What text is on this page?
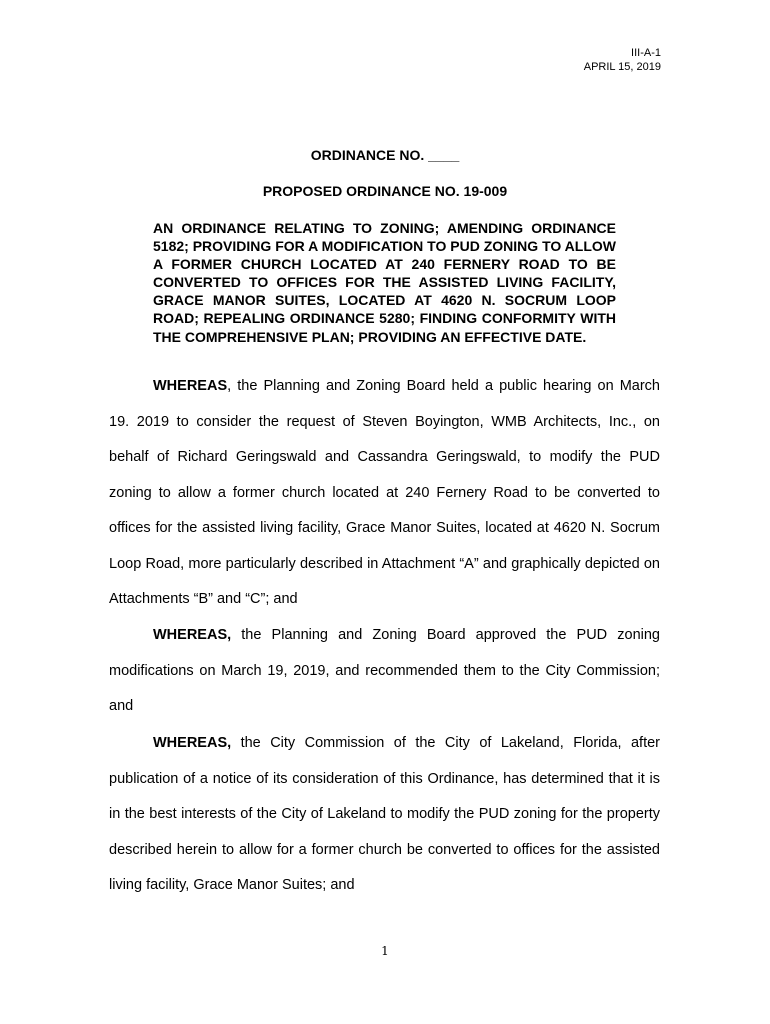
III-A-1
APRIL 15, 2019
ORDINANCE NO. ____
PROPOSED ORDINANCE NO. 19-009
AN ORDINANCE RELATING TO ZONING; AMENDING ORDINANCE 5182; PROVIDING FOR A MODIFICATION TO PUD ZONING TO ALLOW A FORMER CHURCH LOCATED AT 240 FERNERY ROAD TO BE CONVERTED TO OFFICES FOR THE ASSISTED LIVING FACILITY, GRACE MANOR SUITES, LOCATED AT 4620 N. SOCRUM LOOP ROAD; REPEALING ORDINANCE 5280; FINDING CONFORMITY WITH THE COMPREHENSIVE PLAN; PROVIDING AN EFFECTIVE DATE.

WHEREAS, the Planning and Zoning Board held a public hearing on March 19. 2019 to consider the request of Steven Boyington, WMB Architects, Inc., on behalf of Richard Geringswald and Cassandra Geringswald, to modify the PUD zoning to allow a former church located at 240 Fernery Road to be converted to offices for the assisted living facility, Grace Manor Suites, located at 4620 N. Socrum Loop Road, more particularly described in Attachment “A” and graphically depicted on Attachments “B” and “C”; and

WHEREAS, the Planning and Zoning Board approved the PUD zoning modifications on March 19, 2019, and recommended them to the City Commission; and

WHEREAS, the City Commission of the City of Lakeland, Florida, after publication of a notice of its consideration of this Ordinance, has determined that it is in the best interests of the City of Lakeland to modify the PUD zoning for the property described herein to allow for a former church be converted to offices for the assisted living facility, Grace Manor Suites; and

1
